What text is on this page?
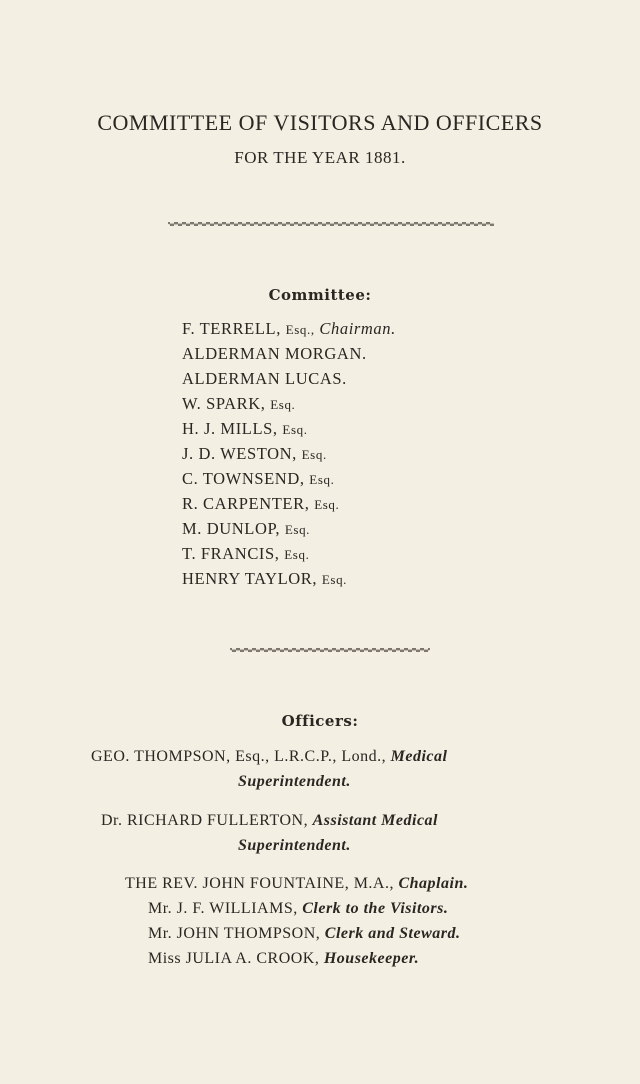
COMMITTEE OF VISITORS AND OFFICERS
FOR THE YEAR 1881.
Committee:
F. TERRELL, Esq., Chairman.
ALDERMAN MORGAN.
ALDERMAN LUCAS.
W. SPARK, Esq.
H. J. MILLS, Esq.
J. D. WESTON, Esq.
C. TOWNSEND, Esq.
R. CARPENTER, Esq.
M. DUNLOP, Esq.
T. FRANCIS, Esq.
HENRY TAYLOR, Esq.
Officers:
GEO. THOMPSON, Esq., L.R.C.P., Lond., Medical
Superintendent.
Dr. RICHARD FULLERTON, Assistant Medical
Superintendent.
THE REV. JOHN FOUNTAINE, M.A., Chaplain.
Mr. J. F. WILLIAMS, Clerk to the Visitors.
Mr. JOHN THOMPSON, Clerk and Steward.
Miss JULIA A. CROOK, Housekeeper.
